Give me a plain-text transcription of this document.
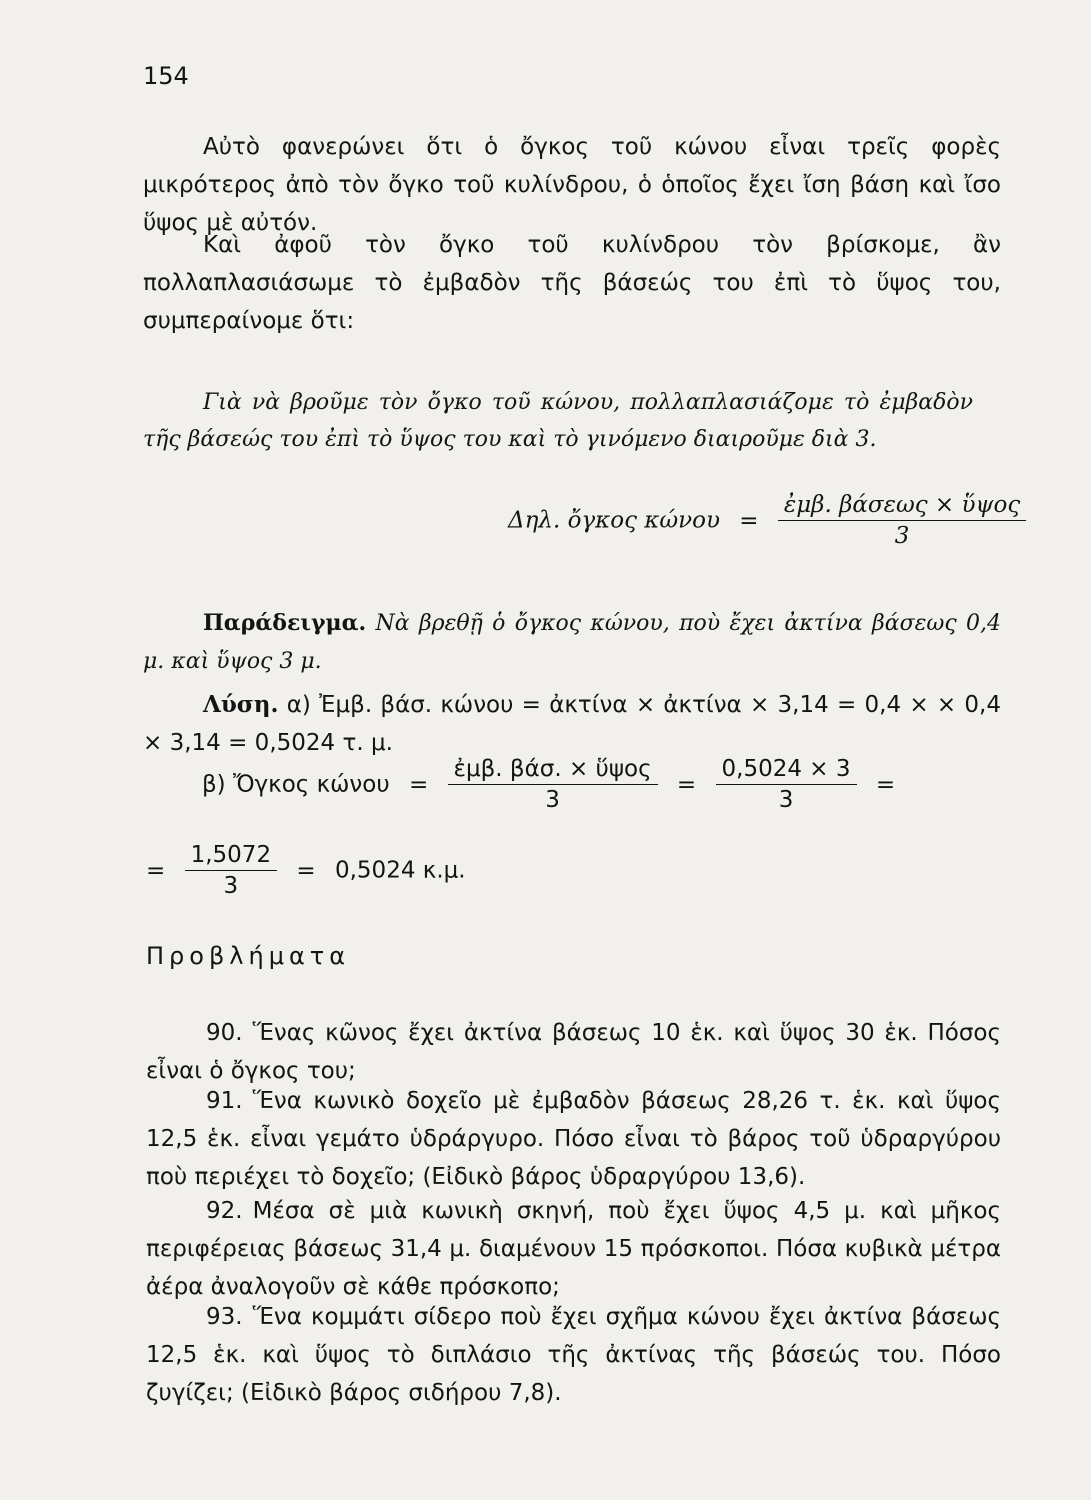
154

Αὐτὸ φανερώνει ὅτι ὁ ὄγκος τοῦ κώνου εἶναι τρεῖς φορὲς μικρότερος ἀπὸ τὸν ὄγκο τοῦ κυλίνδρου, ὁ ὁποῖος ἔχει ἴση βάση καὶ ἴσο ὕψος μὲ αὐτόν.

Καὶ ἀφοῦ τὸν ὄγκο τοῦ κυλίνδρου τὸν βρίσκομε, ἂν πολλαπλασιάσωμε τὸ ἐμβαδὸν τῆς βάσεώς του ἐπὶ τὸ ὕψος του, συμπεραίνομε ὅτι:

Γιὰ νὰ βροῦμε τὸν ὄγκο τοῦ κώνου, πολλαπλασιάζομε τὸ ἐμβαδὸν τῆς βάσεώς του ἐπὶ τὸ ὕψος του καὶ τὸ γινόμενο διαιροῦμε διὰ 3.

Δηλ. ὄγκος $\kappa ώ\nu o\upsilon = \frac{\text{ἐμβ. βάσεως × ὕψος}}{3}$

Παράδειγμα. Νὰ βρεθῇ ὁ ὄγκος κώνου, ποὺ ἔχει ἀκτίνα βάσεως 0,4 μ. καὶ ὕψος 3 μ.

Λύση. α) Ἐμβ. βάσ. κώνου = ἀκτίνα × ἀκτίνα × 3,14 = 0,4 × × 0,4 × 3,14 = 0,5024 τ. μ.

β) Ὄγκος $\kappa ώ\nu o\upsilon = \frac{\text{ἐμβ. βάσ. × ὕψος}}{3} = \frac{0,5024 \times 3}{3}$ =
= $\frac{1,5072}{3} = 0,5024$ κ.μ.
Προβλήματα

90. Ἕνας κῶνος ἔχει ἀκτίνα βάσεως 10 ἑκ. καὶ ὕψος 30 ἑκ. Πόσος εἶναι ὁ ὄγκος του;

91. Ἕνα κωνικὸ δοχεῖο μὲ ἐμβαδὸν βάσεως 28,26 τ. ἑκ. καὶ ὕψος 12,5 ἑκ. εἶναι γεμάτο ὑδράργυρο. Πόσο εἶναι τὸ βάρος τοῦ ὑδραργύρου ποὺ περιέχει τὸ δοχεῖο; (Εἰδικὸ βάρος ὑδραργύρου 13,6).

92. Μέσα σὲ μιὰ κωνικὴ σκηνή, ποὺ ἔχει ὕψος 4,5 μ. καὶ μῆκος περιφέρειας βάσεως 31,4 μ. διαμένουν 15 πρόσκοποι. Πόσα κυβικὰ μέτρα ἀέρα ἀναλογοῦν σὲ κάθε πρόσκοπο;

93. Ἕνα κομμάτι σίδερο ποὺ ἔχει σχῆμα κώνου ἔχει ἀκτίνα βάσεως 12,5 ἑκ. καὶ ὕψος τὸ διπλάσιο τῆς ἀκτίνας τῆς βάσεώς του. Πόσο ζυγίζει; (Εἰδικὸ βάρος σιδήρου 7,8).
